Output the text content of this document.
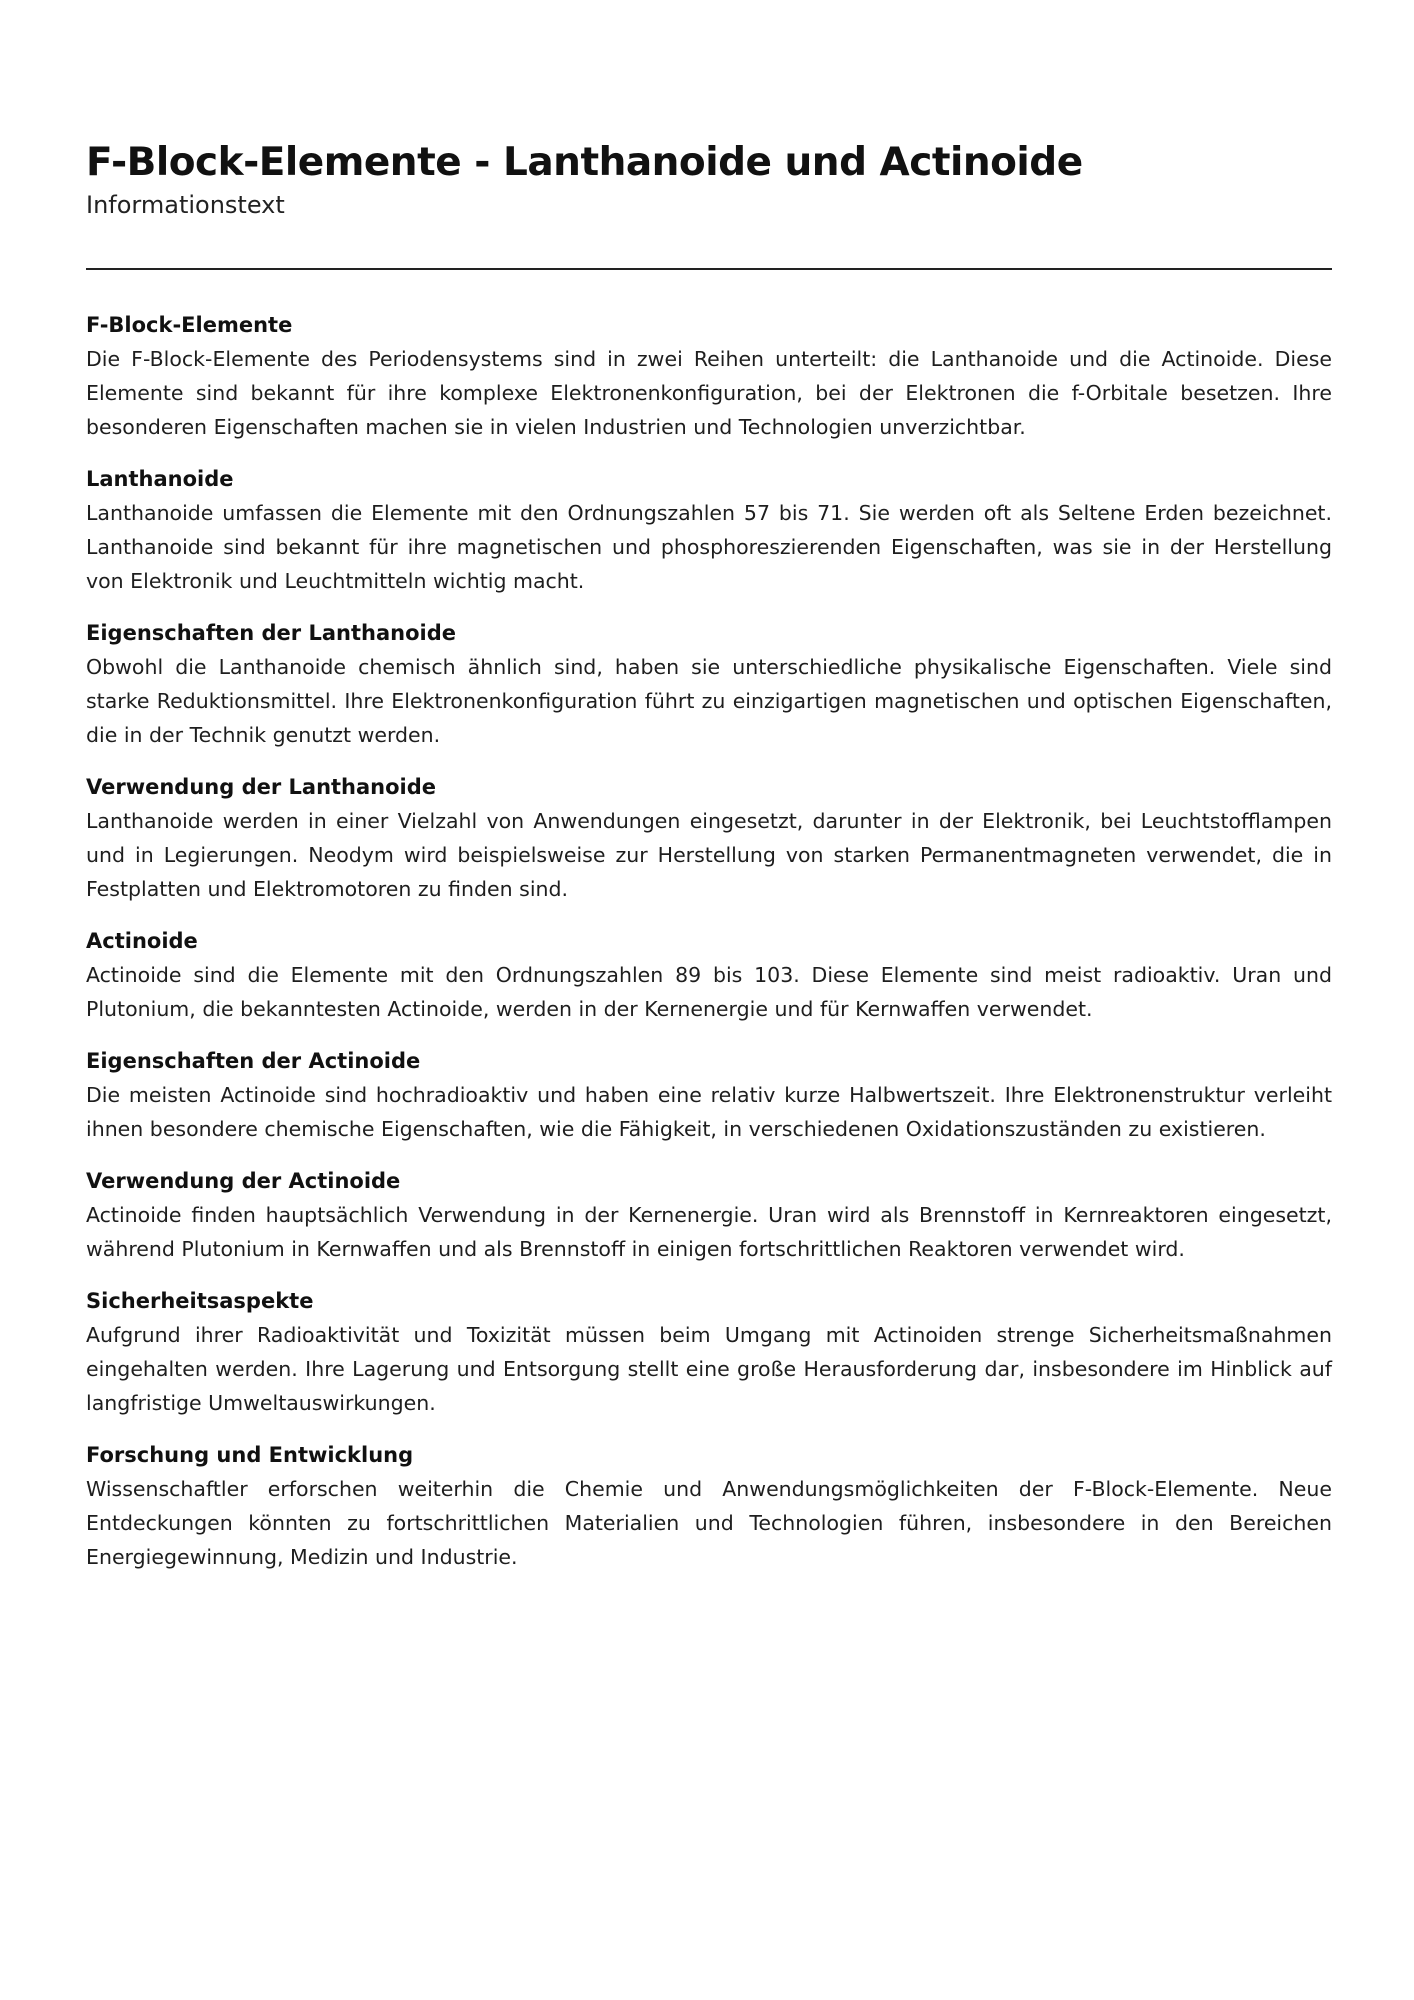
F-Block-Elemente - Lanthanoide und Actinoide

Informationstext

F-Block-Elemente

Die F-Block-Elemente des Periodensystems sind in zwei Reihen unterteilt: die Lanthanoide und die Actinoide. Diese Elemente sind bekannt für ihre komplexe Elektronenkonfiguration, bei der Elektronen die f-Orbitale besetzen. Ihre besonderen Eigenschaften machen sie in vielen Industrien und Technologien unverzichtbar.

Lanthanoide

Lanthanoide umfassen die Elemente mit den Ordnungszahlen 57 bis 71. Sie werden oft als Seltene Erden bezeichnet. Lanthanoide sind bekannt für ihre magnetischen und phosphoreszierenden Eigenschaften, was sie in der Herstellung von Elektronik und Leuchtmitteln wichtig macht.

Eigenschaften der Lanthanoide

Obwohl die Lanthanoide chemisch ähnlich sind, haben sie unterschiedliche physikalische Eigenschaften. Viele sind starke Reduktionsmittel. Ihre Elektronenkonfiguration führt zu einzigartigen magnetischen und optischen Eigenschaften, die in der Technik genutzt werden.

Verwendung der Lanthanoide

Lanthanoide werden in einer Vielzahl von Anwendungen eingesetzt, darunter in der Elektronik, bei Leuchtstofflampen und in Legierungen. Neodym wird beispielsweise zur Herstellung von starken Permanentmagneten verwendet, die in Festplatten und Elektromotoren zu finden sind.

Actinoide

Actinoide sind die Elemente mit den Ordnungszahlen 89 bis 103. Diese Elemente sind meist radioaktiv. Uran und Plutonium, die bekanntesten Actinoide, werden in der Kernenergie und für Kernwaffen verwendet.

Eigenschaften der Actinoide

Die meisten Actinoide sind hochradioaktiv und haben eine relativ kurze Halbwertszeit. Ihre Elektronenstruktur verleiht ihnen besondere chemische Eigenschaften, wie die Fähigkeit, in verschiedenen Oxidationszuständen zu existieren.

Verwendung der Actinoide

Actinoide finden hauptsächlich Verwendung in der Kernenergie. Uran wird als Brennstoff in Kernreaktoren eingesetzt, während Plutonium in Kernwaffen und als Brennstoff in einigen fortschrittlichen Reaktoren verwendet wird.

Sicherheitsaspekte

Aufgrund ihrer Radioaktivität und Toxizität müssen beim Umgang mit Actinoiden strenge Sicherheitsmaßnahmen eingehalten werden. Ihre Lagerung und Entsorgung stellt eine große Herausforderung dar, insbesondere im Hinblick auf langfristige Umweltauswirkungen.

Forschung und Entwicklung

Wissenschaftler erforschen weiterhin die Chemie und Anwendungsmöglichkeiten der F-Block-Elemente. Neue Entdeckungen könnten zu fortschrittlichen Materialien und Technologien führen, insbesondere in den Bereichen Energiegewinnung, Medizin und Industrie.
